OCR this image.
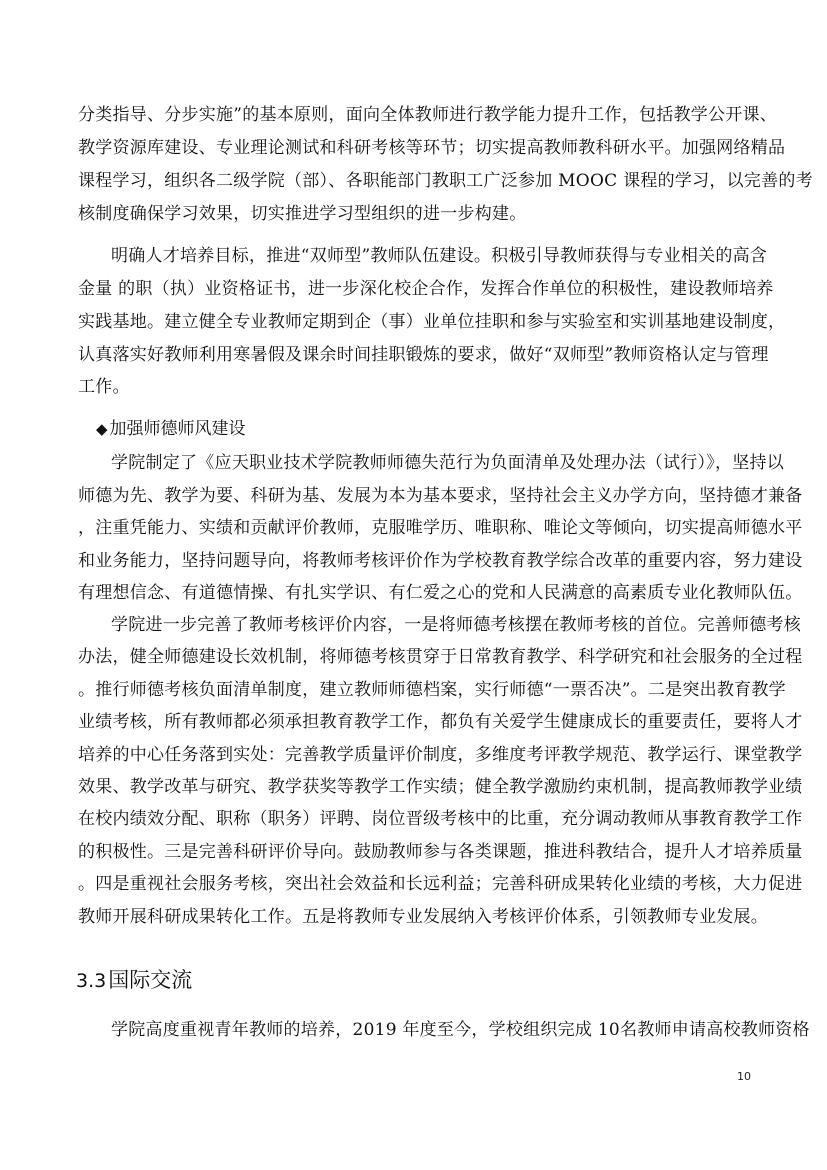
分类指导、分步实施”的基本原则，面向全体教师进行教学能力提升工作，包括教学公开课、
教学资源库建设、专业理论测试和科研考核等环节；切实提高教师教科研水平。加强网络精品
课程学习，组织各二级学院（部）、各职能部门教职工广泛参加 MOOC 课程的学习，以完善的考
核制度确保学习效果，切实推进学习型组织的进一步构建。
明确人才培养目标，推进“双师型”教师队伍建设。积极引导教师获得与专业相关的高含
金量 的职（执）业资格证书，进一步深化校企合作，发挥合作单位的积极性，建设教师培养
实践基地。建立健全专业教师定期到企（事）业单位挂职和参与实验室和实训基地建设制度，
认真落实好教师利用寒暑假及课余时间挂职锻炼的要求，做好“双师型”教师资格认定与管理
工作。
◆ 加强师德师风建设
学院制定了《应天职业技术学院教师师德失范行为负面清单及处理办法（试行）》，坚持以
师德为先、教学为要、科研为基、发展为本为基本要求，坚持社会主义办学方向，坚持德才兼备
，注重凭能力、实绩和贡献评价教师，克服唯学历、唯职称、唯论文等倾向，切实提高师德水平
和业务能力，坚持问题导向，将教师考核评价作为学校教育教学综合改革的重要内容，努力建设
有理想信念、有道德情操、有扎实学识、有仁爱之心的党和人民满意的高素质专业化教师队伍。
学院进一步完善了教师考核评价内容，一是将师德考核摆在教师考核的首位。完善师德考核
办法，健全师德建设长效机制，将师德考核贯穿于日常教育教学、科学研究和社会服务的全过程
。推行师德考核负面清单制度，建立教师师德档案，实行师德“一票否决”。二是突出教育教学
业绩考核，所有教师都必须承担教育教学工作，都负有关爱学生健康成长的重要责任，要将人才
培养的中心任务落到实处：完善教学质量评价制度，多维度考评教学规范、教学运行、课堂教学
效果、教学改革与研究、教学获奖等教学工作实绩；健全教学激励约束机制，提高教师教学业绩
在校内绩效分配、职称（职务）评聘、岗位晋级考核中的比重，充分调动教师从事教育教学工作
的积极性。三是完善科研评价导向。鼓励教师参与各类课题，推进科教结合，提升人才培养质量
。四是重视社会服务考核，突出社会效益和长远利益；完善科研成果转化业绩的考核，大力促进
教师开展科研成果转化工作。五是将教师专业发展纳入考核评价体系，引领教师专业发展。
3.3国际交流
学院高度重视青年教师的培养，2019 年度至今，学校组织完成 10名教师申请高校教师资格
10
